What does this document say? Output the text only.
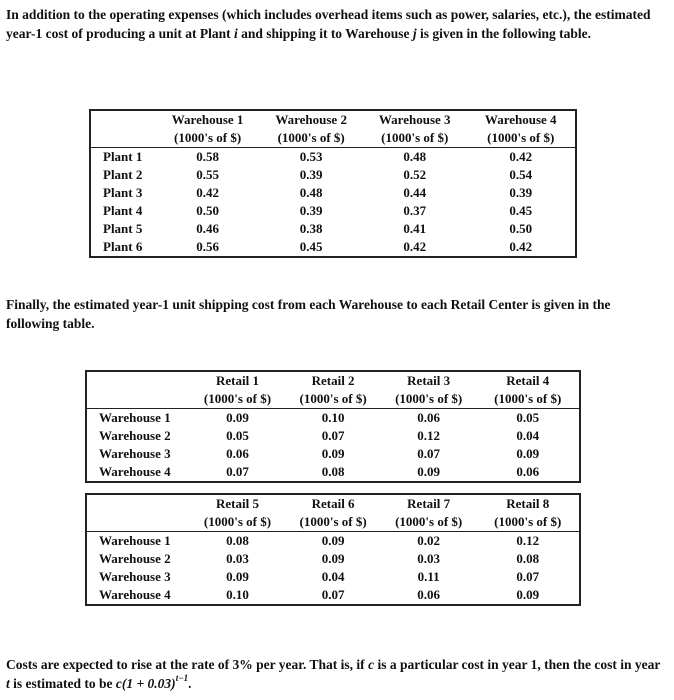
In addition to the operating expenses (which includes overhead items such as power, salaries, etc.), the estimated year-1 cost of producing a unit at Plant i and shipping it to Warehouse j is given in the following table.
	Warehouse 1	Warehouse 2	Warehouse 3	Warehouse 4
	(1000's of $)	(1000's of $)	(1000's of $)	(1000's of $)
Plant 1	0.58	0.53	0.48	0.42
Plant 2	0.55	0.39	0.52	0.54
Plant 3	0.42	0.48	0.44	0.39
Plant 4	0.50	0.39	0.37	0.45
Plant 5	0.46	0.38	0.41	0.50
Plant 6	0.56	0.45	0.42	0.42
Finally, the estimated year-1 unit shipping cost from each Warehouse to each Retail Center is given in the following table.
	Retail 1	Retail 2	Retail 3	Retail 4
	(1000's of $)	(1000's of $)	(1000's of $)	(1000's of $)
Warehouse 1	0.09	0.10	0.06	0.05
Warehouse 2	0.05	0.07	0.12	0.04
Warehouse 3	0.06	0.09	0.07	0.09
Warehouse 4	0.07	0.08	0.09	0.06

	Retail 5	Retail 6	Retail 7	Retail 8
	(1000's of $)	(1000's of $)	(1000's of $)	(1000's of $)
Warehouse 1	0.08	0.09	0.02	0.12
Warehouse 2	0.03	0.09	0.03	0.08
Warehouse 3	0.09	0.04	0.11	0.07
Warehouse 4	0.10	0.07	0.06	0.09
Costs are expected to rise at the rate of 3% per year. That is, if c is a particular cost in year 1, then the cost in year t is estimated to be $c(1 + 0.03)^{t-1}$.
